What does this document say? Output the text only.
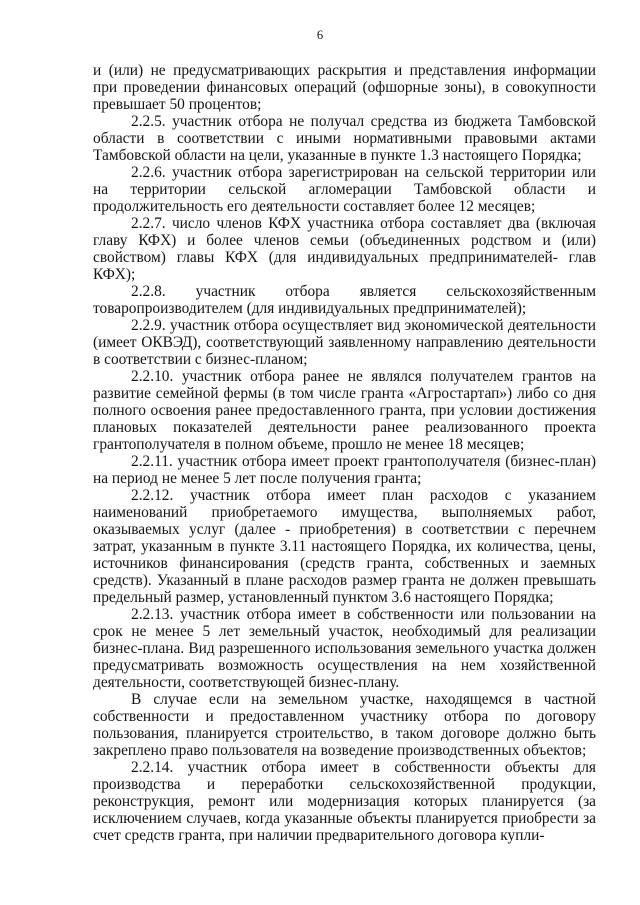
6

и (или) не предусматривающих раскрытия и представления информации при проведении финансовых операций (офшорные зоны), в совокупности превышает 50 процентов;

2.2.5. участник отбора не получал средства из бюджета Тамбовской области в соответствии с иными нормативными правовыми актами Тамбовской области на цели, указанные в пункте 1.3 настоящего Порядка;

2.2.6. участник отбора зарегистрирован на сельской территории или на территории сельской агломерации Тамбовской области и продолжительность его деятельности составляет более 12 месяцев;

2.2.7. число членов КФХ участника отбора составляет два (включая главу КФХ) и более членов семьи (объединенных родством и (или) свойством) главы КФХ (для индивидуальных предпринимателей- глав КФХ);

2.2.8. участник отбора является сельскохозяйственным товаропроизводителем (для индивидуальных предпринимателей);

2.2.9. участник отбора осуществляет вид экономической деятельности (имеет ОКВЭД), соответствующий заявленному направлению деятельности в соответствии с бизнес-планом;

2.2.10. участник отбора ранее не являлся получателем грантов на развитие семейной фермы (в том числе гранта «Агростартап») либо со дня полного освоения ранее предоставленного гранта, при условии достижения плановых показателей деятельности ранее реализованного проекта грантополучателя в полном объеме, прошло не менее 18 месяцев;

2.2.11. участник отбора имеет проект грантополучателя (бизнес-план) на период не менее 5 лет после получения гранта;

2.2.12. участник отбора имеет план расходов с указанием наименований приобретаемого имущества, выполняемых работ, оказываемых услуг (далее - приобретения) в соответствии с перечнем затрат, указанным в пункте 3.11 настоящего Порядка, их количества, цены, источников финансирования (средств гранта, собственных и заемных средств). Указанный в плане расходов размер гранта не должен превышать предельный размер, установленный пунктом 3.6 настоящего Порядка;

2.2.13. участник отбора имеет в собственности или пользовании на срок не менее 5 лет земельный участок, необходимый для реализации бизнес-плана. Вид разрешенного использования земельного участка должен предусматривать возможность осуществления на нем хозяйственной деятельности, соответствующей бизнес-плану.

В случае если на земельном участке, находящемся в частной собственности и предоставленном участнику отбора по договору пользования, планируется строительство, в таком договоре должно быть закреплено право пользователя на возведение производственных объектов;

2.2.14. участник отбора имеет в собственности объекты для производства и переработки сельскохозяйственной продукции, реконструкция, ремонт или модернизация которых планируется (за исключением случаев, когда указанные объекты планируется приобрести за счет средств гранта, при наличии предварительного договора купли-
